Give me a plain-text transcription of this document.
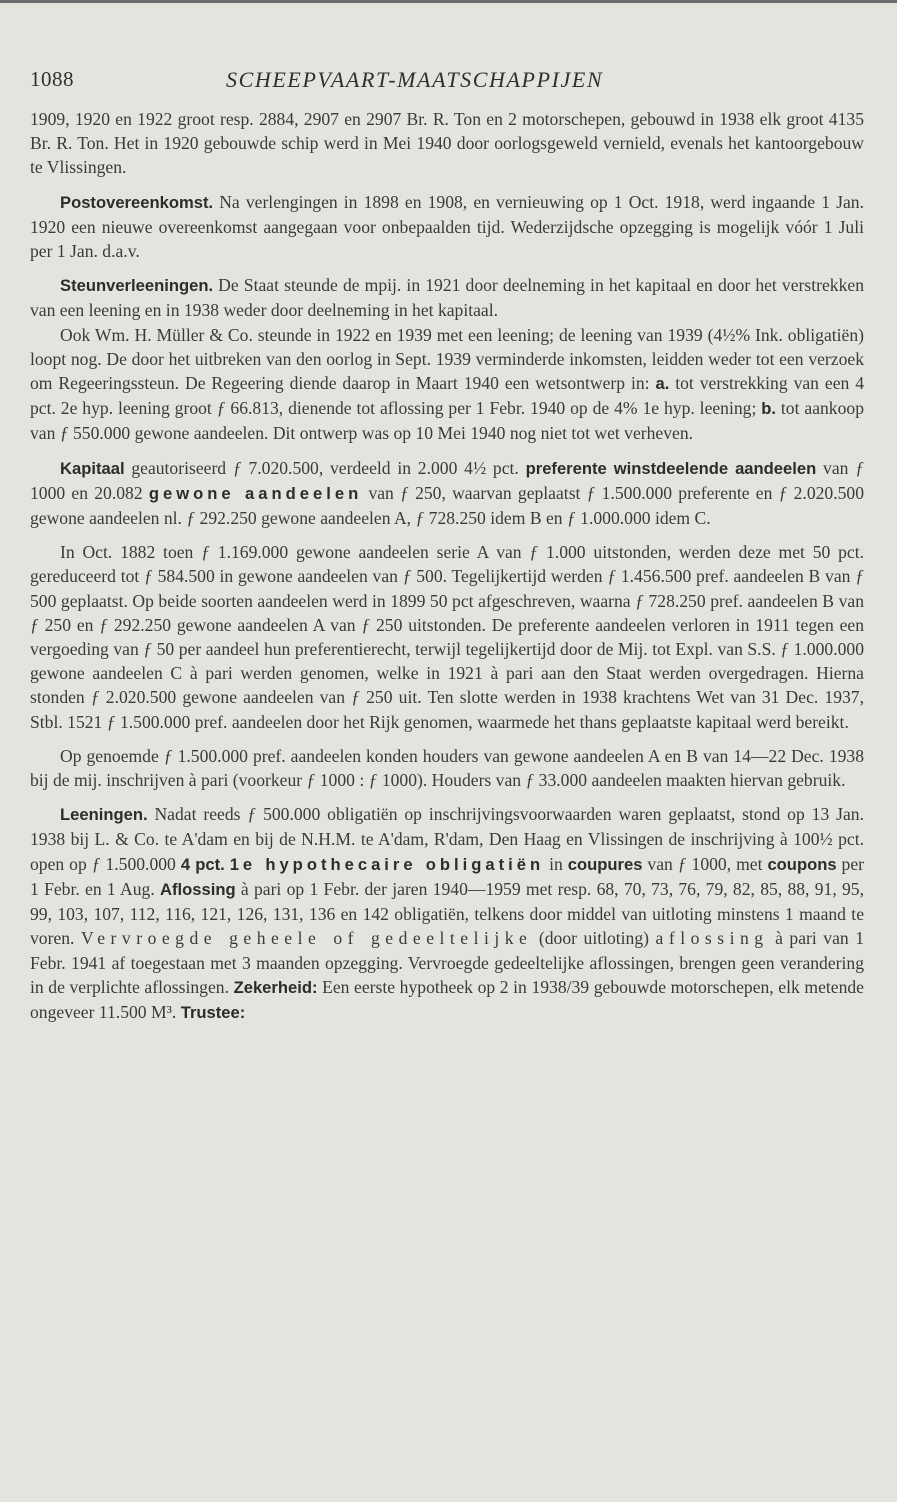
1088	SCHEEPVAART-MAATSCHAPPIJEN

1909, 1920 en 1922 groot resp. 2884, 2907 en 2907 Br. R. Ton en 2 motorschepen, gebouwd in 1938 elk groot 4135 Br. R. Ton. Het in 1920 gebouwde schip werd in Mei 1940 door oorlogsgeweld vernield, evenals het kantoorgebouw te Vlissingen.

Postovereenkomst. Na verlengingen in 1898 en 1908, en vernieuwing op 1 Oct. 1918, werd ingaande 1 Jan. 1920 een nieuwe overeenkomst aangegaan voor onbepaalden tijd. Wederzijdsche opzegging is mogelijk vóór 1 Juli per 1 Jan. d.a.v.

Steunverleeningen. De Staat steunde de mpij. in 1921 door deelneming in het kapitaal en door het verstrekken van een leening en in 1938 weder door deelneming in het kapitaal.

Ook Wm. H. Müller & Co. steunde in 1922 en 1939 met een leening; de leening van 1939 (4½% Ink. obligatiën) loopt nog. De door het uitbreken van den oorlog in Sept. 1939 verminderde inkomsten, leidden weder tot een verzoek om Regeeringssteun. De Regeering diende daarop in Maart 1940 een wetsontwerp in: a. tot verstrekking van een 4 pct. 2e hyp. leening groot ƒ 66.813, dienende tot aflossing per 1 Febr. 1940 op de 4% 1e hyp. leening; b. tot aankoop van ƒ 550.000 gewone aandeelen. Dit ontwerp was op 10 Mei 1940 nog niet tot wet verheven.

Kapitaal geautoriseerd ƒ 7.020.500, verdeeld in 2.000 4½ pct. preferente winstdeelende aandeelen van ƒ 1000 en 20.082 gewone aandeelen van ƒ 250, waarvan geplaatst ƒ 1.500.000 preferente en ƒ 2.020.500 gewone aandeelen nl. ƒ 292.250 gewone aandeelen A, ƒ 728.250 idem B en ƒ 1.000.000 idem C.

In Oct. 1882 toen ƒ 1.169.000 gewone aandeelen serie A van ƒ 1.000 uitstonden, werden deze met 50 pct. gereduceerd tot ƒ 584.500 in gewone aandeelen van ƒ 500. Tegelijkertijd werden ƒ 1.456.500 pref. aandeelen B van ƒ 500 geplaatst. Op beide soorten aandeelen werd in 1899 50 pct afgeschreven, waarna ƒ 728.250 pref. aandeelen B van ƒ 250 en ƒ 292.250 gewone aandeelen A van ƒ 250 uitstonden. De preferente aandeelen verloren in 1911 tegen een vergoeding van ƒ 50 per aandeel hun preferentierecht, terwijl tegelijkertijd door de Mij. tot Expl. van S.S. ƒ 1.000.000 gewone aandeelen C à pari werden genomen, welke in 1921 à pari aan den Staat werden overgedragen. Hierna stonden ƒ 2.020.500 gewone aandeelen van ƒ 250 uit. Ten slotte werden in 1938 krachtens Wet van 31 Dec. 1937, Stbl. 1521 ƒ 1.500.000 pref. aandeelen door het Rijk genomen, waarmede het thans geplaatste kapitaal werd bereikt.

Op genoemde ƒ 1.500.000 pref. aandeelen konden houders van gewone aandeelen A en B van 14—22 Dec. 1938 bij de mij. inschrijven à pari (voorkeur ƒ 1000 : ƒ 1000). Houders van ƒ 33.000 aandeelen maakten hiervan gebruik.

Leeningen. Nadat reeds ƒ 500.000 obligatiën op inschrijvingsvoorwaarden waren geplaatst, stond op 13 Jan. 1938 bij L. & Co. te A'dam en bij de N.H.M. te A'dam, R'dam, Den Haag en Vlissingen de inschrijving à 100½ pct. open op ƒ 1.500.000 4 pct. 1e hypothecaire obligatiën in coupures van ƒ 1000, met coupons per 1 Febr. en 1 Aug. Aflossing à pari op 1 Febr. der jaren 1940—1959 met resp. 68, 70, 73, 76, 79, 82, 85, 88, 91, 95, 99, 103, 107, 112, 116, 121, 126, 131, 136 en 142 obligatiën, telkens door middel van uitloting minstens 1 maand te voren. Vervroegde geheele of gedeeltelijke (door uitloting) aflossing à pari van 1 Febr. 1941 af toegestaan met 3 maanden opzegging. Vervroegde gedeeltelijke aflossingen, brengen geen verandering in de verplichte aflossingen. Zekerheid: Een eerste hypotheek op 2 in 1938/39 gebouwde motorschepen, elk metende ongeveer 11.500 M³. Trustee:
